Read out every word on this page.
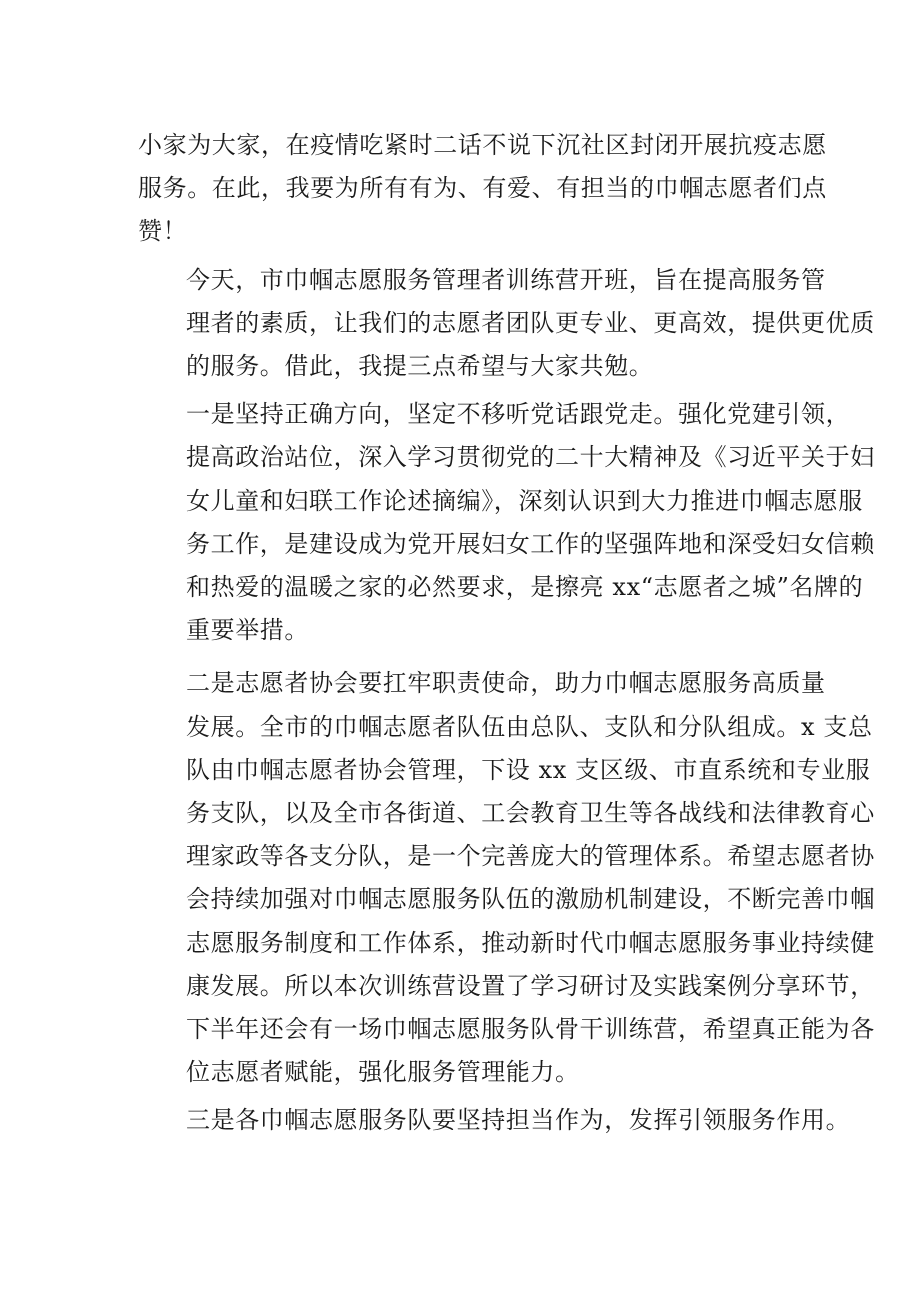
小家为大家，在疫情吃紧时二话不说下沉社区封闭开展抗疫志愿
服务。在此，我要为所有有为、有爱、有担当的巾帼志愿者们点
赞！

今天，市巾帼志愿服务管理者训练营开班，旨在提高服务管
理者的素质，让我们的志愿者团队更专业、更高效，提供更优质
的服务。借此，我提三点希望与大家共勉。

一是坚持正确方向，坚定不移听党话跟党走。强化党建引领，
提高政治站位，深入学习贯彻党的二十大精神及《习近平关于妇
女儿童和妇联工作论述摘编》，深刻认识到大力推进巾帼志愿服
务工作，是建设成为党开展妇女工作的坚强阵地和深受妇女信赖
和热爱的温暖之家的必然要求，是擦亮 xx“志愿者之城”名牌的
重要举措。

二是志愿者协会要扛牢职责使命，助力巾帼志愿服务高质量
发展。全市的巾帼志愿者队伍由总队、支队和分队组成。x 支总
队由巾帼志愿者协会管理，下设 xx 支区级、市直系统和专业服
务支队，以及全市各街道、工会教育卫生等各战线和法律教育心
理家政等各支分队，是一个完善庞大的管理体系。希望志愿者协
会持续加强对巾帼志愿服务队伍的激励机制建设，不断完善巾帼
志愿服务制度和工作体系，推动新时代巾帼志愿服务事业持续健
康发展。所以本次训练营设置了学习研讨及实践案例分享环节，
下半年还会有一场巾帼志愿服务队骨干训练营，希望真正能为各
位志愿者赋能，强化服务管理能力。

三是各巾帼志愿服务队要坚持担当作为，发挥引领服务作用。
